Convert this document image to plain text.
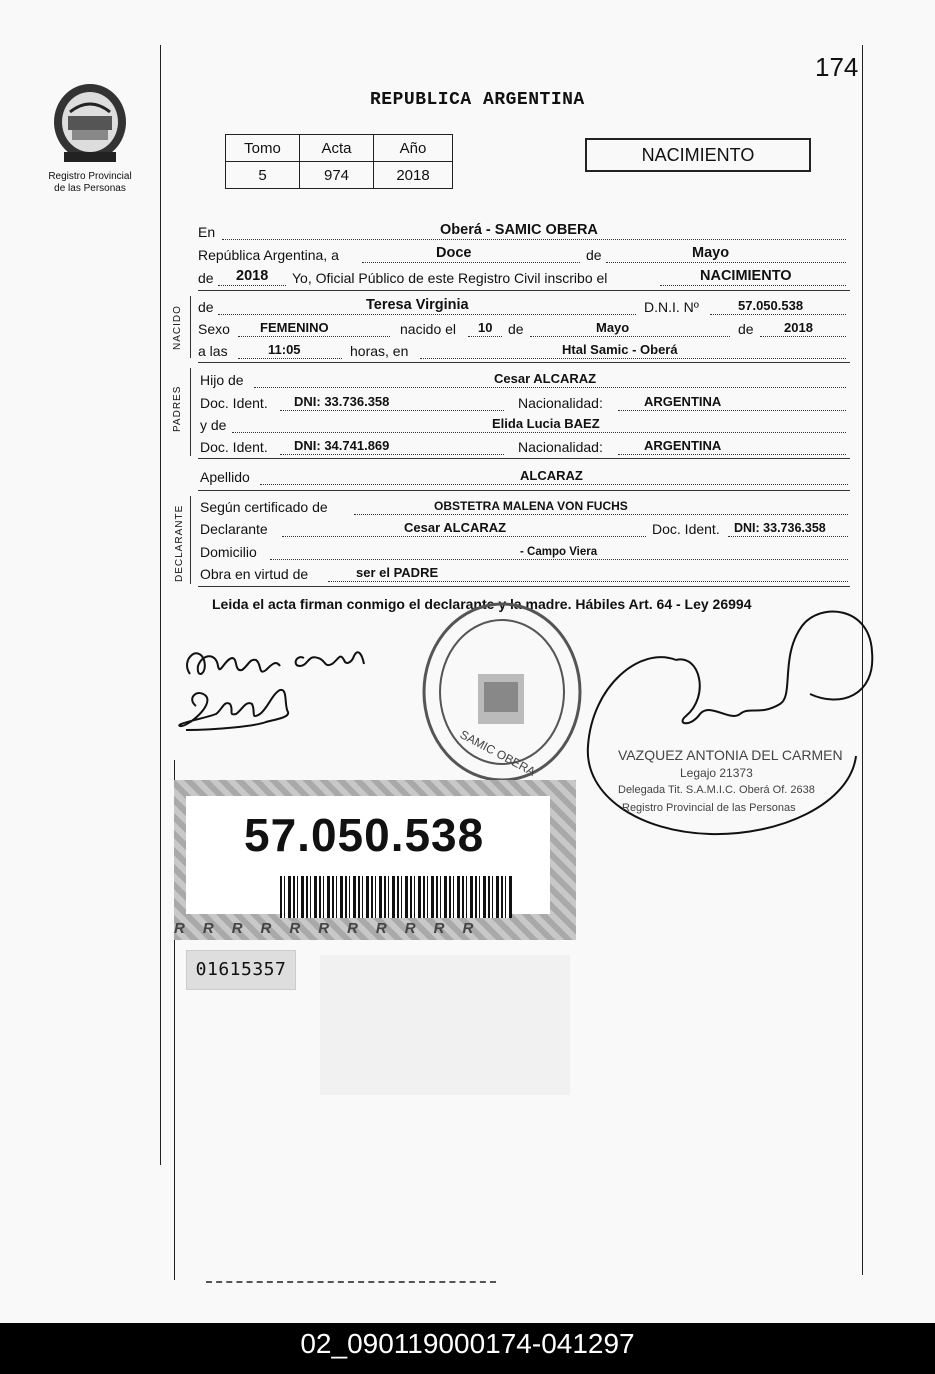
174
Registro Provincial
de las Personas
REPUBLICA ARGENTINA
Tomo	Acta	Año
5	974	2018
NACIMIENTO
En	Oberá - SAMIC OBERA
República Argentina, a	Doce	de	Mayo
de 2018 Yo, Oficial Público de este Registro Civil inscribo el	NACIMIENTO
NACIDO de	Teresa Virginia	D.N.I. Nº	57.050.538
Sexo FEMENINO	nacido el 10 de	Mayo	de 2018
a las	11:05	horas, en	Htal Samic - Oberá
PADRES
Hijo de	Cesar ALCARAZ
Doc. Ident. DNI: 33.736.358	Nacionalidad:	ARGENTINA
y de	Elida Lucia BAEZ
Doc. Ident. DNI: 34.741.869	Nacionalidad:	ARGENTINA
Apellido	ALCARAZ
DECLARANTE Según certificado de	OBSTETRA MALENA VON FUCHS
Declarante	Cesar ALCARAZ	Doc. Ident. DNI: 33.736.358
Domicilio	- Campo Viera
Obra en virtud de	ser el PADRE
Leida el acta firman conmigo el declarante y la madre. Hábiles Art. 64 - Ley 26994
SAMIC OBERA	VAZQUEZ ANTONIA DEL CARMEN
Legajo 21373
Delegada Tit. S.A.M.I.C. Oberá Of. 2638
Registro Provincial de las Personas
57.050.538
RRRRRRRRRRR
01615357
02_090119000174-041297
